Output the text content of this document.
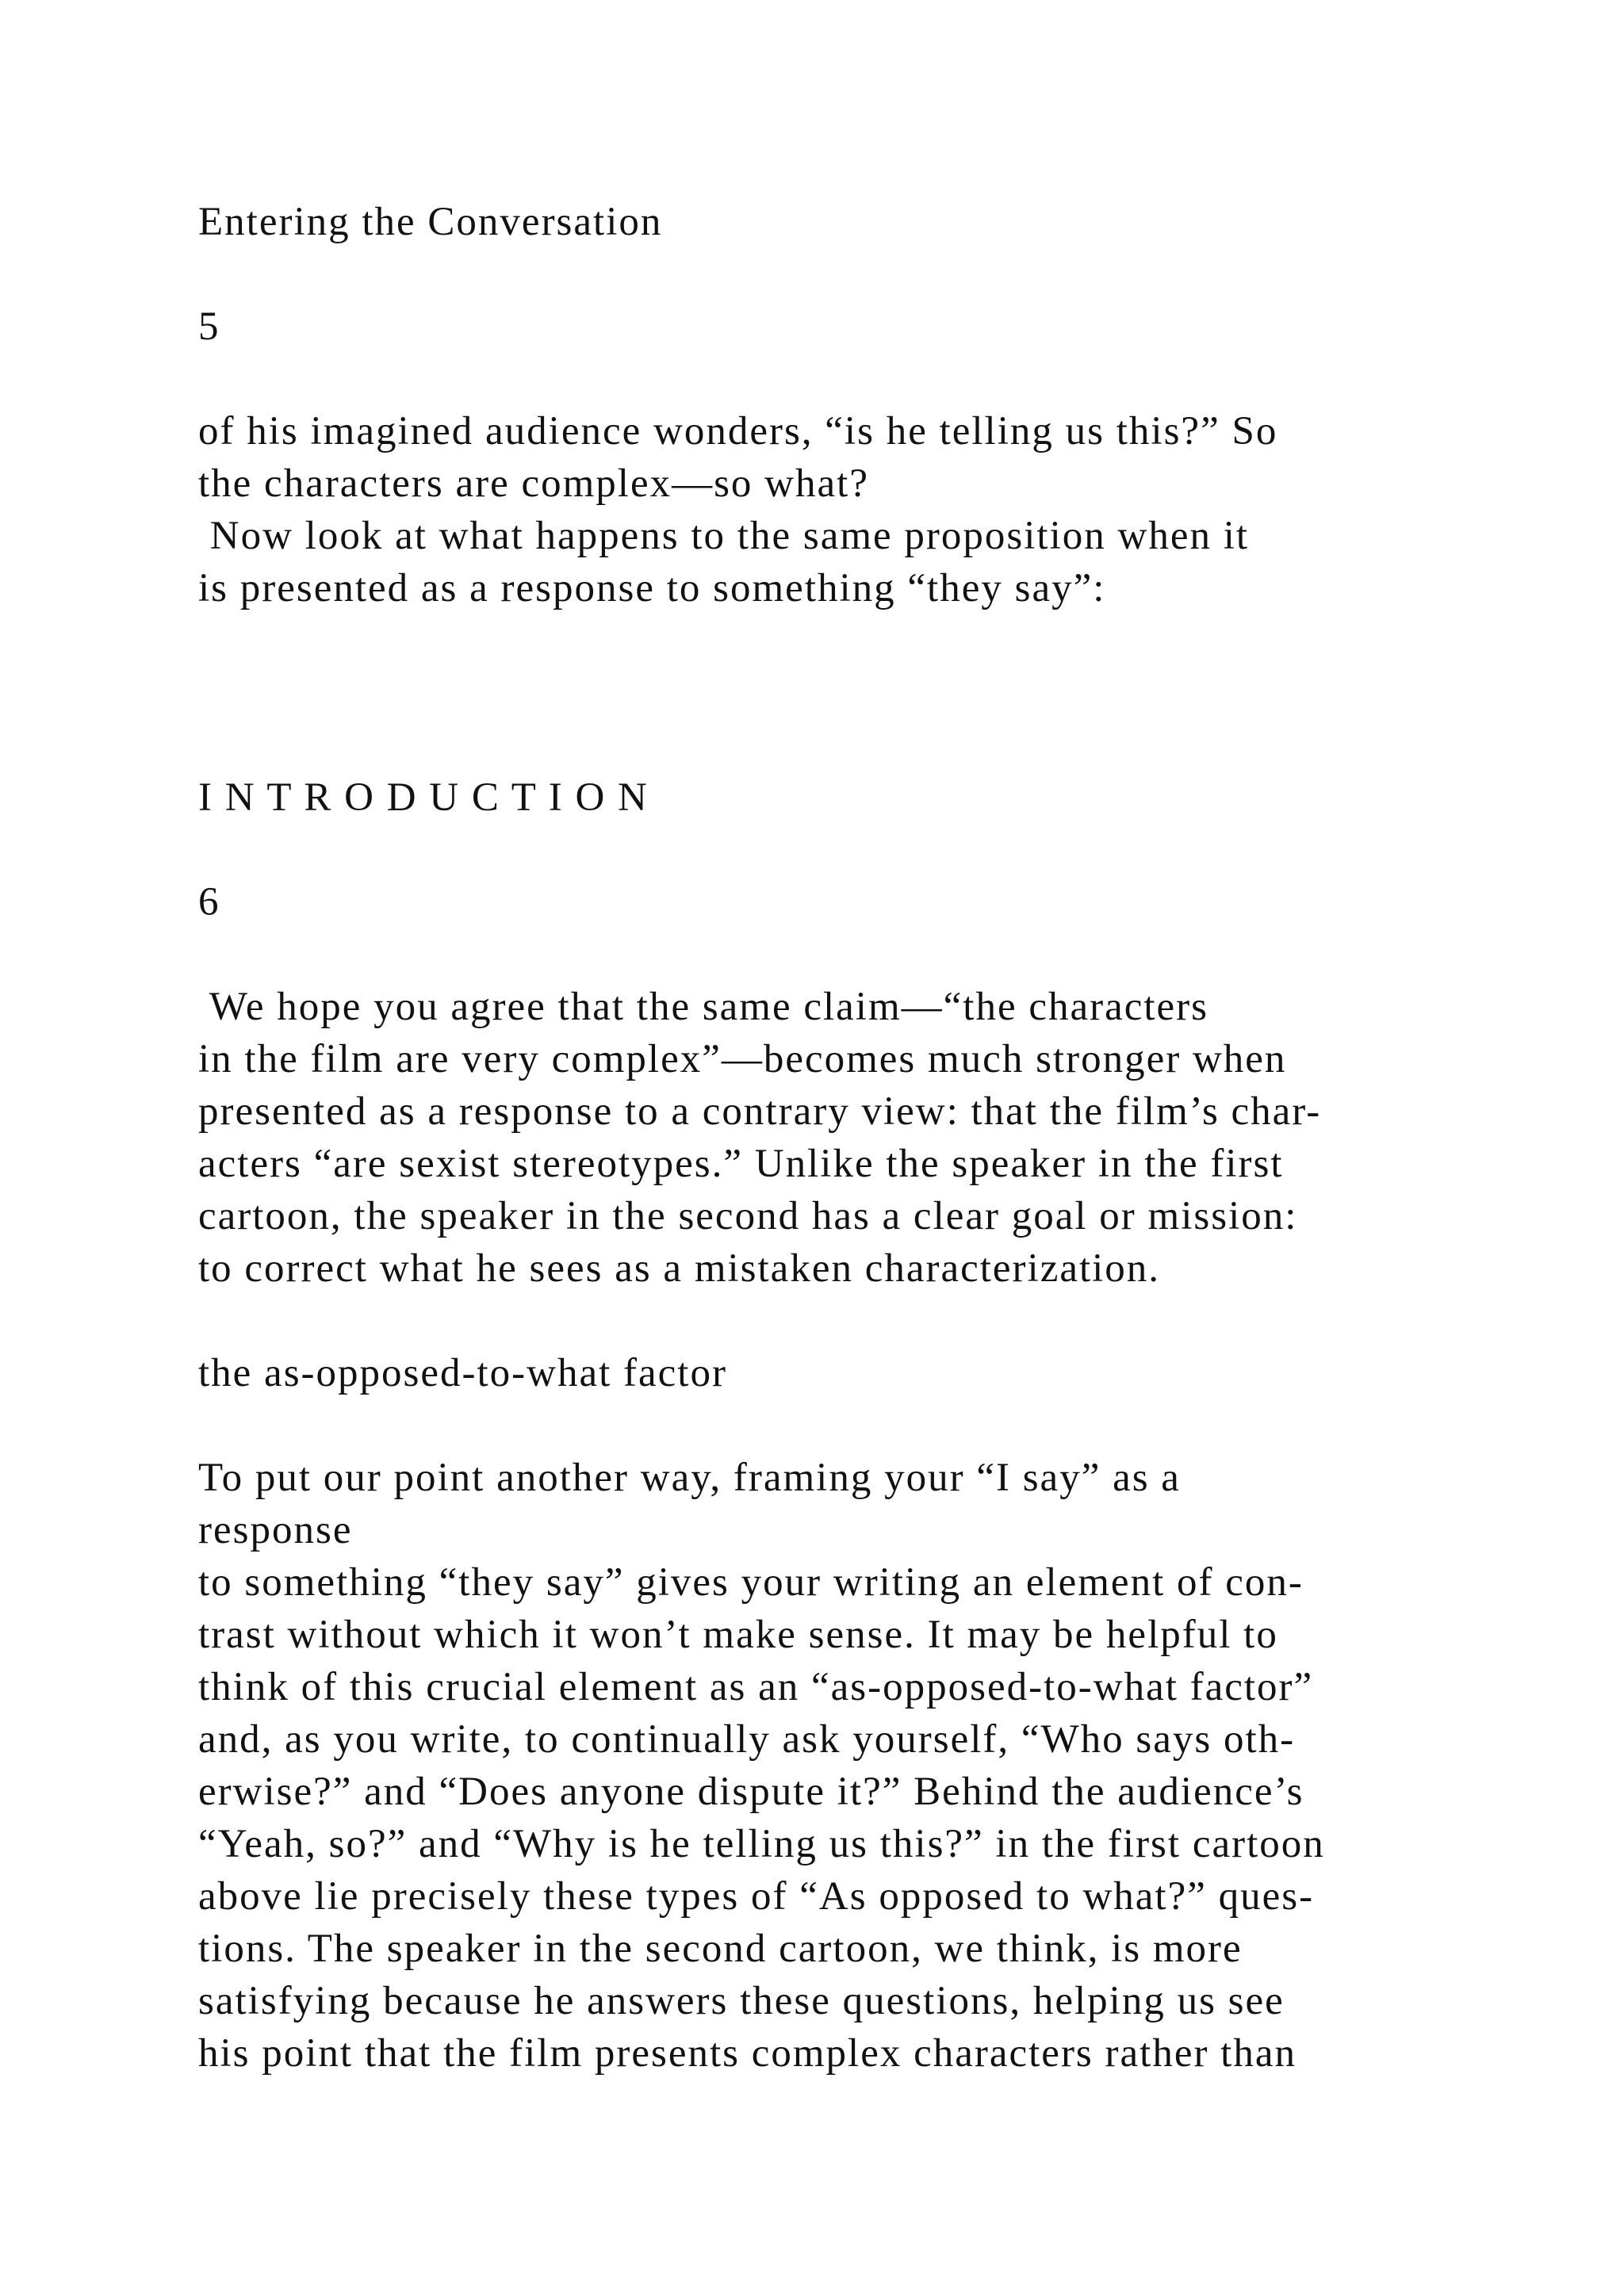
Entering the Conversation
5
of his imagined audience wonders, “is he telling us this?” So
the characters are complex—so what?
Now look at what happens to the same proposition when it
is presented as a response to something “they say”:
I N T R O D U C T I O N
6
We hope you agree that the same claim—“the characters
in the film are very complex”—becomes much stronger when
presented as a response to a contrary view: that the film’s char-
acters “are sexist stereotypes.” Unlike the speaker in the first
cartoon, the speaker in the second has a clear goal or mission:
to correct what he sees as a mistaken characterization.
the as-opposed-to-what factor
To put our point another way, framing your “I say” as a
response
to something “they say” gives your writing an element of con-
trast without which it won’t make sense. It may be helpful to
think of this crucial element as an “as-opposed-to-what factor”
and, as you write, to continually ask yourself, “Who says oth-
erwise?” and “Does anyone dispute it?” Behind the audience’s
“Yeah, so?” and “Why is he telling us this?” in the first cartoon
above lie precisely these types of “As opposed to what?” ques-
tions. The speaker in the second cartoon, we think, is more
satisfying because he answers these questions, helping us see
his point that the film presents complex characters rather than
